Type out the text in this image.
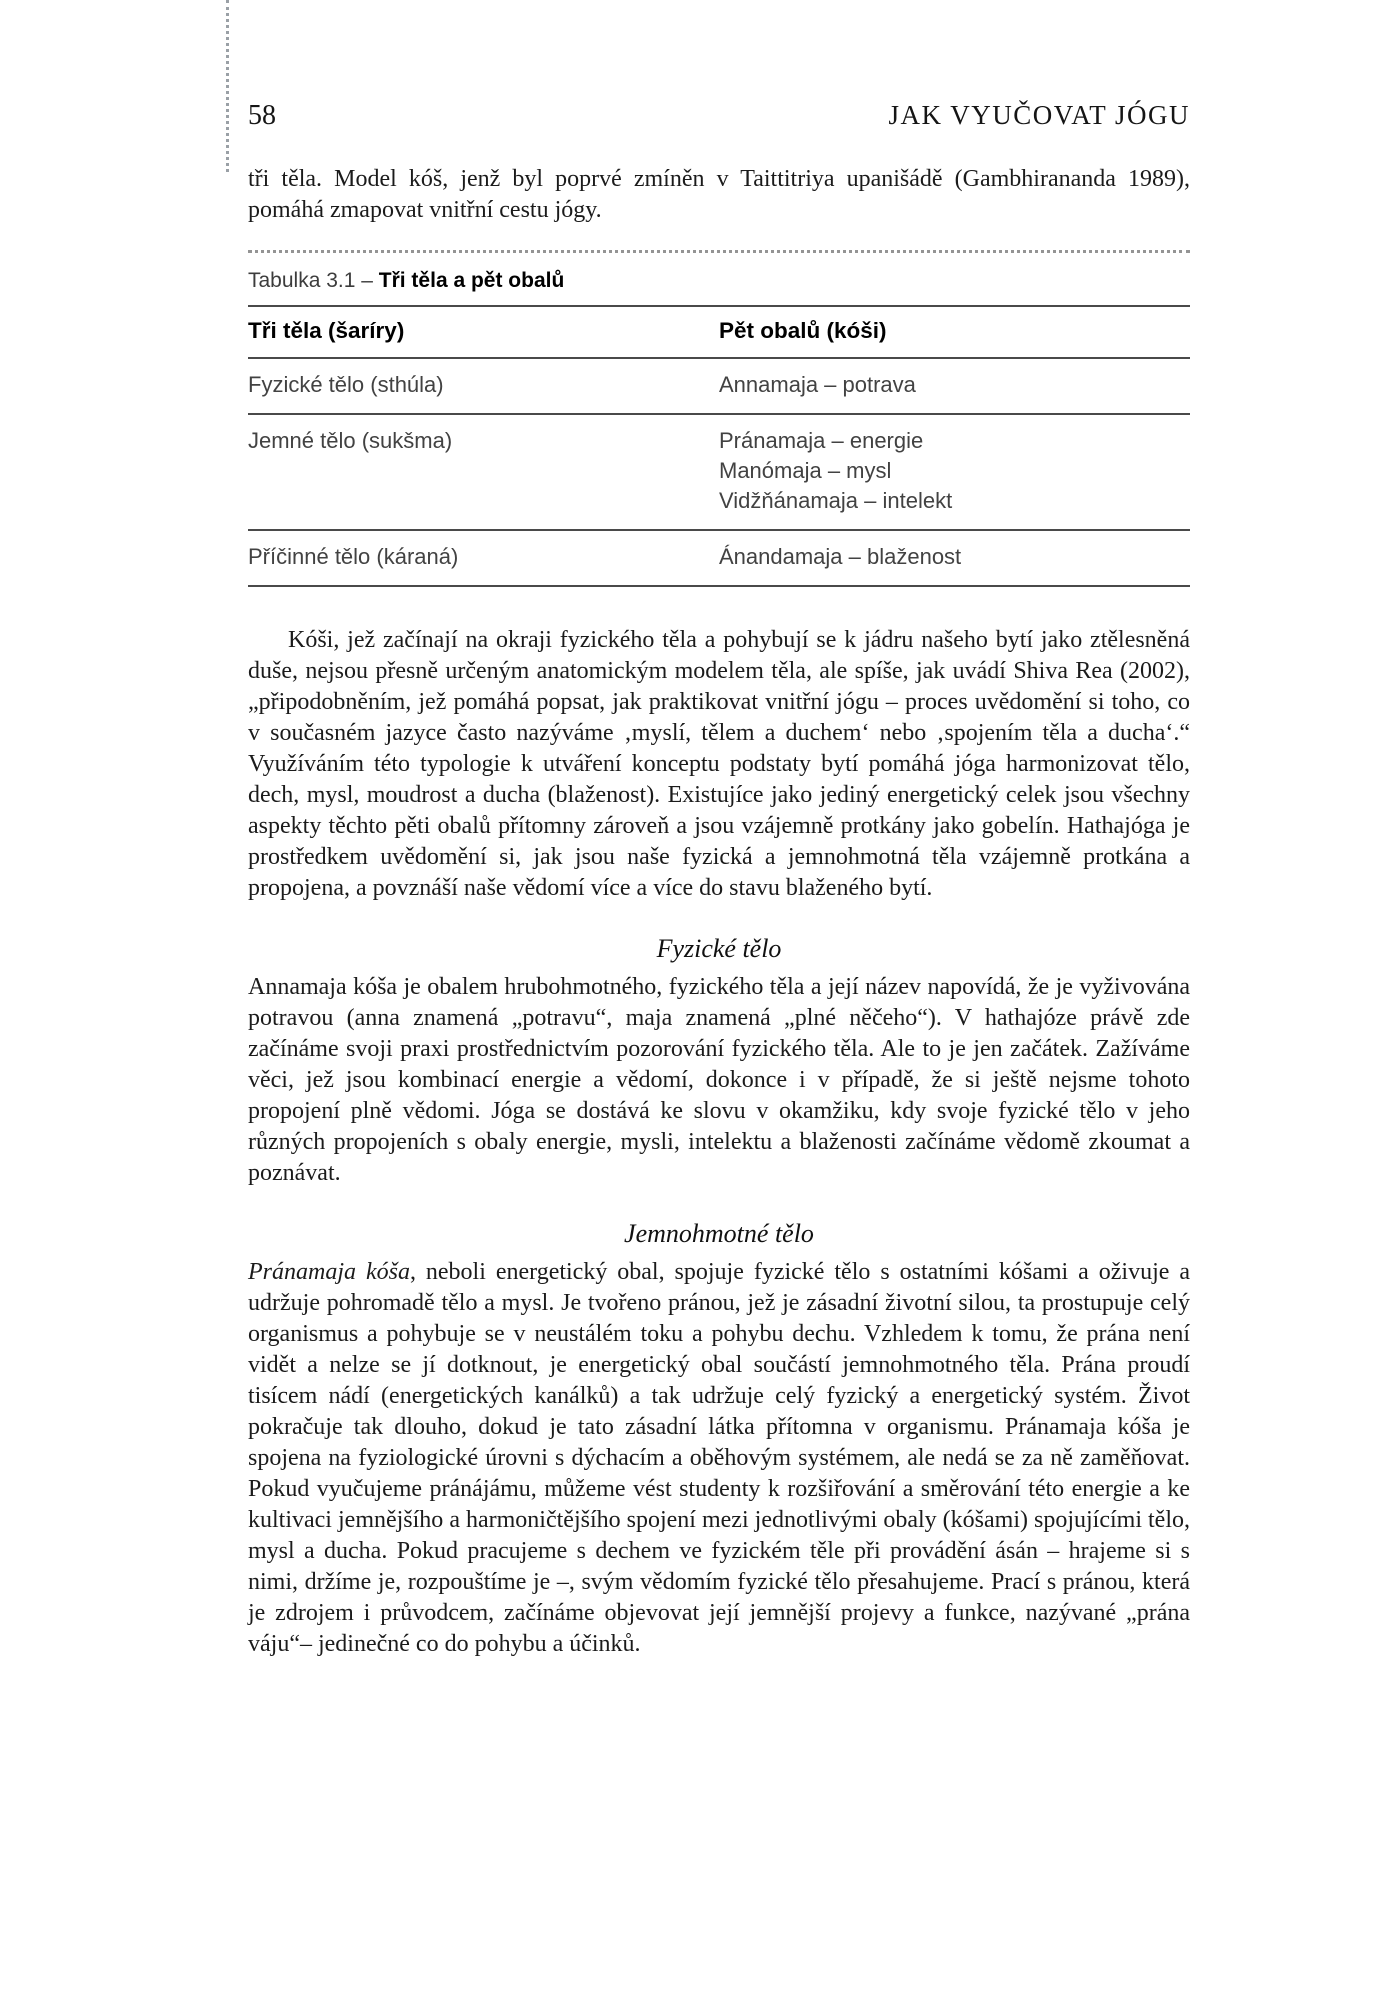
58	JAK VYUČOVAT JÓGU

tři těla. Model kóš, jenž byl poprvé zmíněn v Taittitriya upanišádě (Gambhirananda 1989), pomáhá zmapovat vnitřní cestu jógy.

Tabulka 3.1 – Tři těla a pět obalů
Tři těla (šaríry)	Pět obalů (kóši)
Fyzické tělo (sthúla)	Annamaja – potrava

Jemné tělo (sukšma)	Pránamaja – energie
Manómaja – mysl
Vidžňánamaja – intelekt

Příčinné tělo (káraná)	Ánandamaja – blaženost

Kóši, jež začínají na okraji fyzického těla a pohybují se k jádru našeho bytí jako ztělesněná duše, nejsou přesně určeným anatomickým modelem těla, ale spíše, jak uvádí Shiva Rea (2002), „připodobněním, jež pomáhá popsat, jak praktikovat vnitřní jógu – proces uvědomění si toho, co v současném jazyce často nazýváme ‚myslí, tělem a duchem‘ nebo ‚spojením těla a ducha‘.“ Využíváním této typologie k utváření konceptu podstaty bytí pomáhá jóga harmonizovat tělo, dech, mysl, moudrost a ducha (blaženost). Existujíce jako jediný energetický celek jsou všechny aspekty těchto pěti obalů přítomny zároveň a jsou vzájemně protkány jako gobelín. Hathajóga je prostředkem uvědomění si, jak jsou naše fyzická a jemnohmotná těla vzájemně protkána a propojena, a povznáší naše vědomí více a více do stavu blaženého bytí.

Fyzické tělo

Annamaja kóša je obalem hrubohmotného, fyzického těla a její název napovídá, že je vyživována potravou (anna znamená „potravu“, maja znamená „plné něčeho“). V hathajóze právě zde začínáme svoji praxi prostřednictvím pozorování fyzického těla. Ale to je jen začátek. Zažíváme věci, jež jsou kombinací energie a vědomí, dokonce i v případě, že si ještě nejsme tohoto propojení plně vědomi. Jóga se dostává ke slovu v okamžiku, kdy svoje fyzické tělo v jeho různých propojeních s obaly energie, mysli, intelektu a blaženosti začínáme vědomě zkoumat a poznávat.

Jemnohmotné tělo

Pránamaja kóša, neboli energetický obal, spojuje fyzické tělo s ostatními kóšami a oživuje a udržuje pohromadě tělo a mysl. Je tvořeno pránou, jež je zásadní životní silou, ta prostupuje celý organismus a pohybuje se v neustálém toku a pohybu dechu. Vzhledem k tomu, že prána není vidět a nelze se jí dotknout, je energetický obal součástí jemnohmotného těla. Prána proudí tisícem nádí (energetických kanálků) a tak udržuje celý fyzický a energetický systém. Život pokračuje tak dlouho, dokud je tato zásadní látka přítomna v organismu. Pránamaja kóša je spojena na fyziologické úrovni s dýchacím a oběhovým systémem, ale nedá se za ně zaměňovat. Pokud vyučujeme pránájámu, můžeme vést studenty k rozšiřování a směrování této energie a ke kultivaci jemnějšího a harmoničtějšího spojení mezi jednotlivými obaly (kóšami) spojujícími tělo, mysl a ducha. Pokud pracujeme s dechem ve fyzickém těle při provádění ásán – hrajeme si s nimi, držíme je, rozpouštíme je –, svým vědomím fyzické tělo přesahujeme. Prací s pránou, která je zdrojem i průvodcem, začínáme objevovat její jemnější projevy a funkce, nazývané „prána váju“– jedinečné co do pohybu a účinků.
